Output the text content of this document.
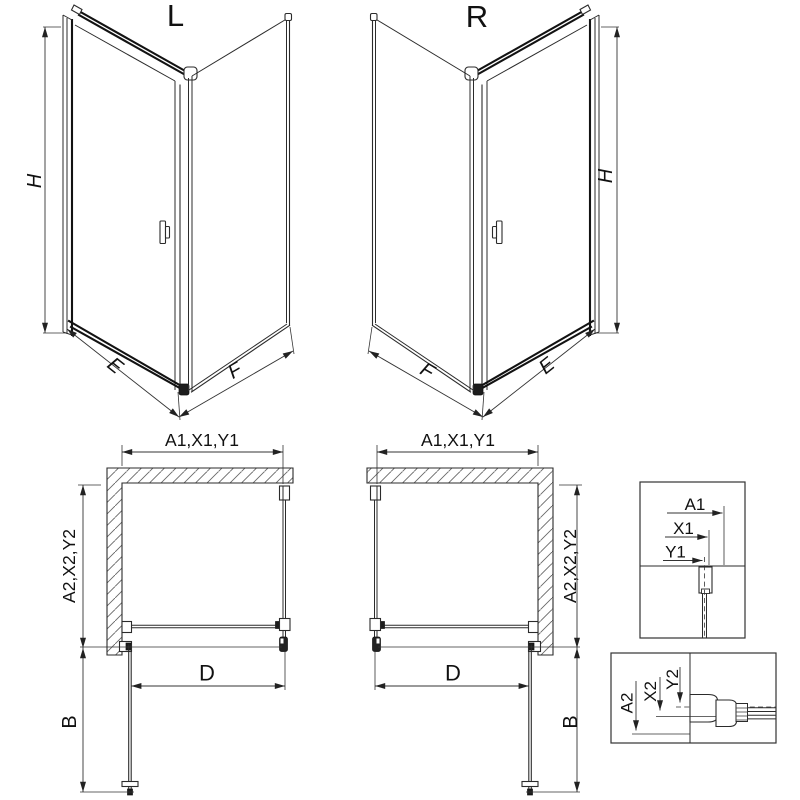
L
H
E	F
R
H
E
F
A1,X1,Y1
A2,X2,Y2
D
B
A1,X1,Y1
A2,X2,Y2
D
B
A1
X1
Y1
A2
X2
Y2
